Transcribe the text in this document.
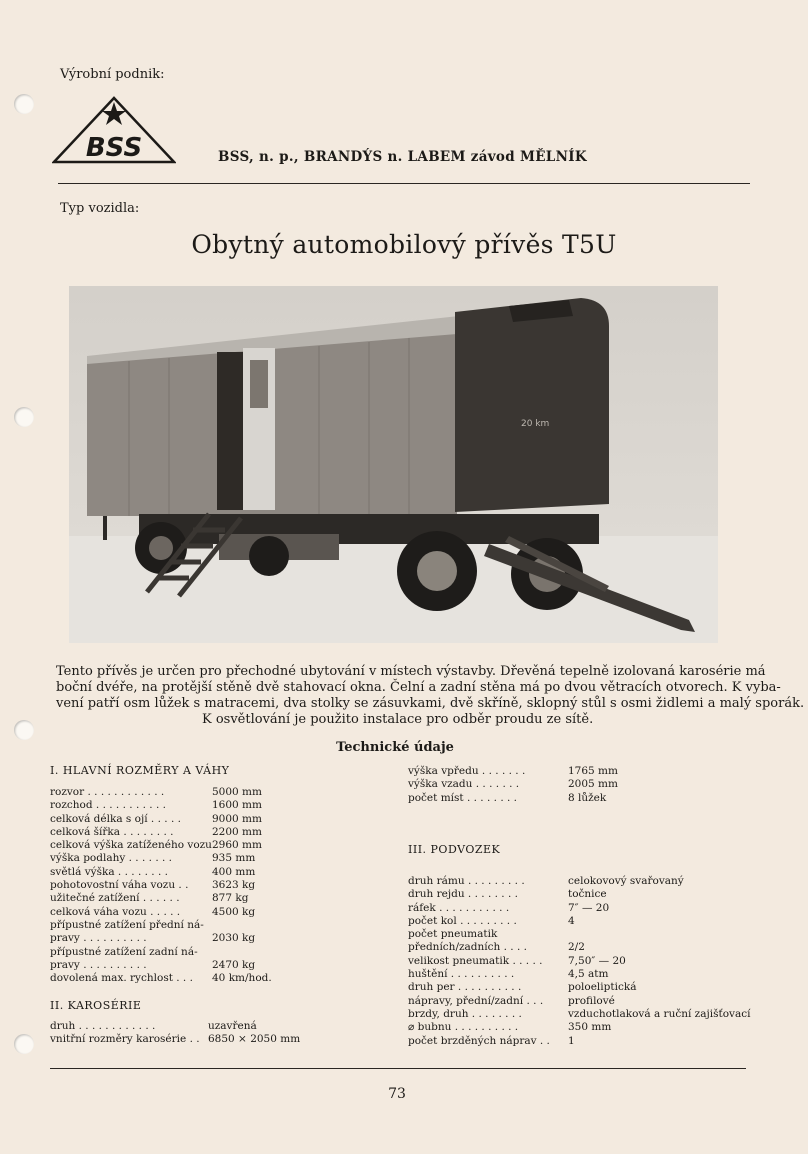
Výrobní podnik:
BSS	BSS, n. p., BRANDÝS n. LABEM závod MĚLNÍK
Typ vozidla:
Obytný automobilový přívěs T5U
20 km
Tento přívěs je určen pro přechodné ubytování v místech výstavby. Dřevěná tepelně izolovaná karosérie má
boční dvéře, na protější stěně dvě stahovací okna. Čelní a zadní stěna má po dvou větracích otvorech. K vyba-
vení patří osm lůžek s matracemi, dva stolky se zásuvkami, dvě skříně, sklopný stůl s osmi židlemi a malý sporák.
K osvětlování je použito instalace pro odběr proudu ze sítě.
Technické údaje
I. HLAVNÍ ROZMĚRY A VÁHY
rozvor . . . . . . . . . . . .	5000 mm
rozchod . . . . . . . . . . .	1600 mm
celková délka s ojí . . . . .	9000 mm
celková šířka . . . . . . . .	2200 mm
celková výška zatíženého vozu 2960 mm
výška podlahy . . . . . . .	935 mm
světlá výška . . . . . . . .	400 mm
pohotovostní váha vozu . . 3623 kg
užitečné zatížení . . . . . .	877 kg
celková váha vozu . . . . .	4500 kg
přípustné zatížení přední ná-
pravy . . . . . . . . . .	2030 kg
přípustné zatížení zadní ná-
pravy . . . . . . . . . .	2470 kg
dovolená max. rychlost . . . 40 km/hod.
II. KAROSÉRIE
druh . . . . . . . . . . . .	uzavřená
vnitřní rozměry karosérie . . 6850 × 2050 mm
výška vpředu . . . . . . .	1765 mm
výška vzadu . . . . . . .	2005 mm
počet míst . . . . . . . .	8 lůžek
III. PODVOZEK
druh rámu . . . . . . . . .	celokovový svařovaný
druh rejdu . . . . . . . .	točnice
ráfek . . . . . . . . . . .	7″ — 20
počet kol . . . . . . . . .	4
počet pneumatik
předních/zadních . . . .	2/2
velikost pneumatik . . . . . 7,50″ — 20
huštění . . . . . . . . . .	4,5 atm
druh per . . . . . . . . . .	poloeliptická
nápravy, přední/zadní . . . profilové
brzdy, druh . . . . . . . .	vzduchotlaková a ruční zajišťovací
⌀ bubnu . . . . . . . . . .	350 mm
počet brzděných náprav . . 1
73
